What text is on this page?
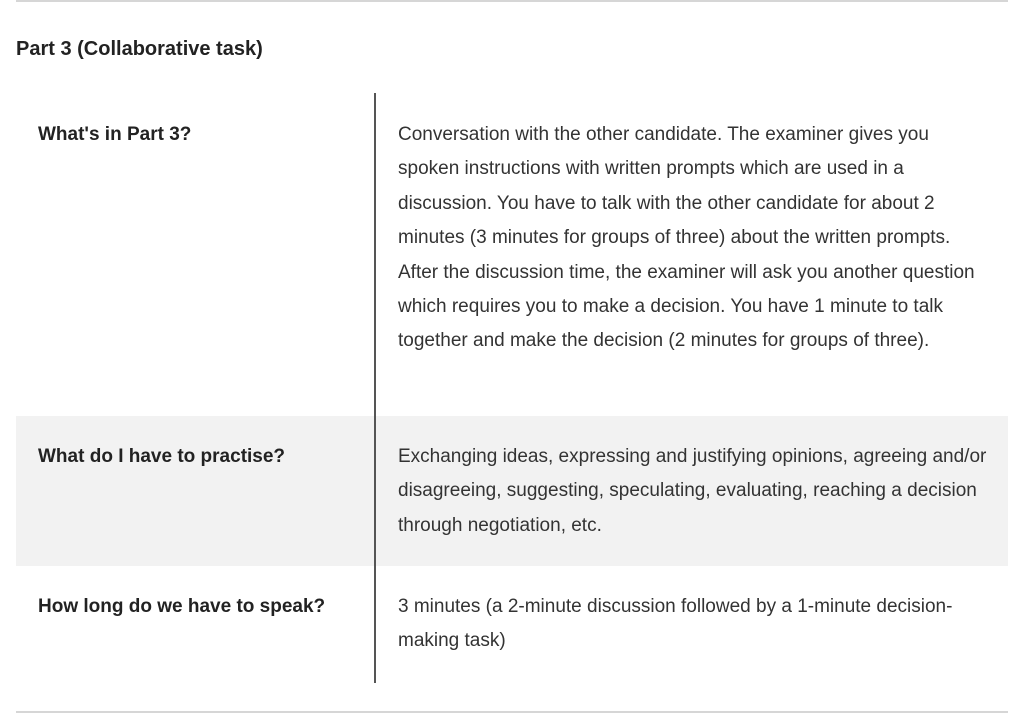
Part 3 (Collaborative task)
What's in Part 3?	Conversation with the other candidate. The examiner gives you spoken instructions with written prompts which are used in a discussion. You have to talk with the other candidate for about 2 minutes (3 minutes for groups of three) about the written prompts. After the discussion time, the examiner will ask you another question which requires you to make a decision. You have 1 minute to talk together and make the decision (2 minutes for groups of three).
What do I have to practise?	Exchanging ideas, expressing and justifying opinions, agreeing and/or disagreeing, suggesting, speculating, evaluating, reaching a decision through negotiation, etc.
How long do we have to speak?	3 minutes (a 2-minute discussion followed by a 1-minute decision-making task)
